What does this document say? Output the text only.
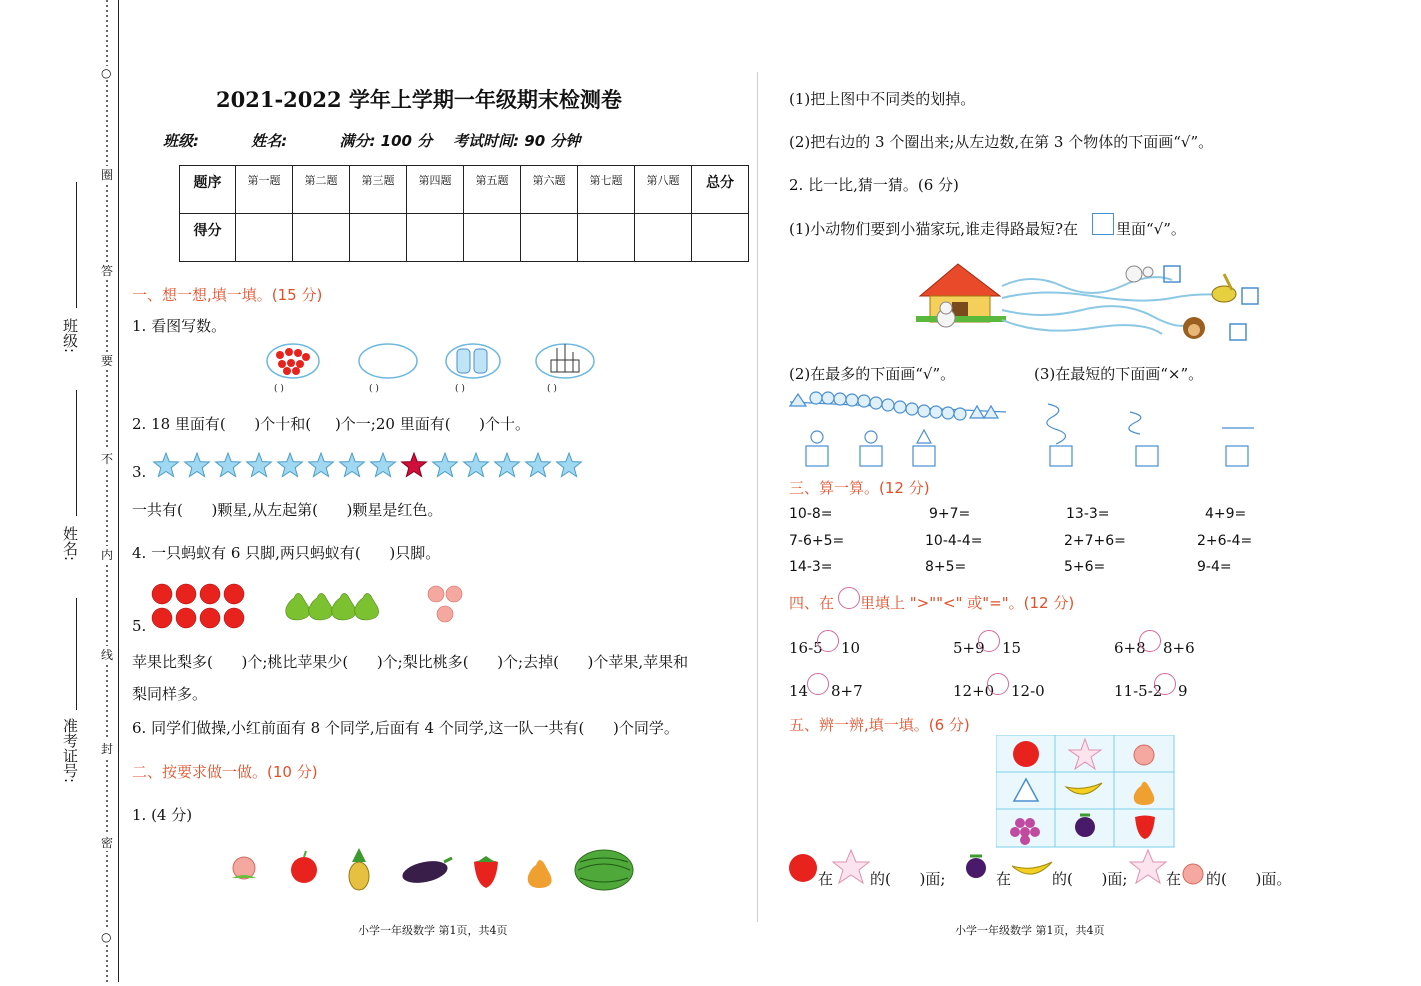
○
圈
答
要
不
内
线
封
密
○
班级:
姓名:
准考证号:
2021-2022 学年上学期一年级期末检测卷
班级:          姓名:          满分: 100 分    考试时间: 90 分钟
题序	第一题	第二题	第三题	第四题	第五题	第六题	第七题	第八题	总分
得分									
一、想一想,填一填。(15 分)
1. 看图写数。
( )	( )	( )	( )
2. 18 里面有(      )个十和(     )个一;20 里面有(      )个十。
3.
一共有(      )颗星,从左起第(      )颗星是红色。
4. 一只蚂蚁有 6 只脚,两只蚂蚁有(      )只脚。
5.
苹果比梨多(      )个;桃比苹果少(      )个;梨比桃多(      )个;去掉(      )个苹果,苹果和
梨同样多。
6. 同学们做操,小红前面有 8 个同学,后面有 4 个同学,这一队一共有(      )个同学。
二、按要求做一做。(10 分)
1. (4 分)
小学一年级数学 第1页，共4页
(1)把上图中不同类的划掉。
(2)把右边的 3 个圈出来;从左边数,在第 3 个物体的下面画“√”。
2. 比一比,猜一猜。(6 分)
(1)小动物们要到小猫家玩,谁走得路最短?在	里面“√”。
(2)在最多的下面画“√”。	(3)在最短的下面画“×”。
三、算一算。(12 分)
10-8=	9+7=	13-3=	4+9=
7-6+5=	10-4-4=	2+7+6=	2+6-4=
14-3=	8+5=	5+6=	9-4=
四、在 里填上 ">""<" 或"="。(12 分)
16-5 10	5+9 15	6+8 8+6
14 8+7	12+0 12-0	11-5-2 9
五、辨一辨,填一填。(6 分)
在 的(      )面;	在	的(      )面;	在 的(      )面。
小学一年级数学 第1页，共4页
